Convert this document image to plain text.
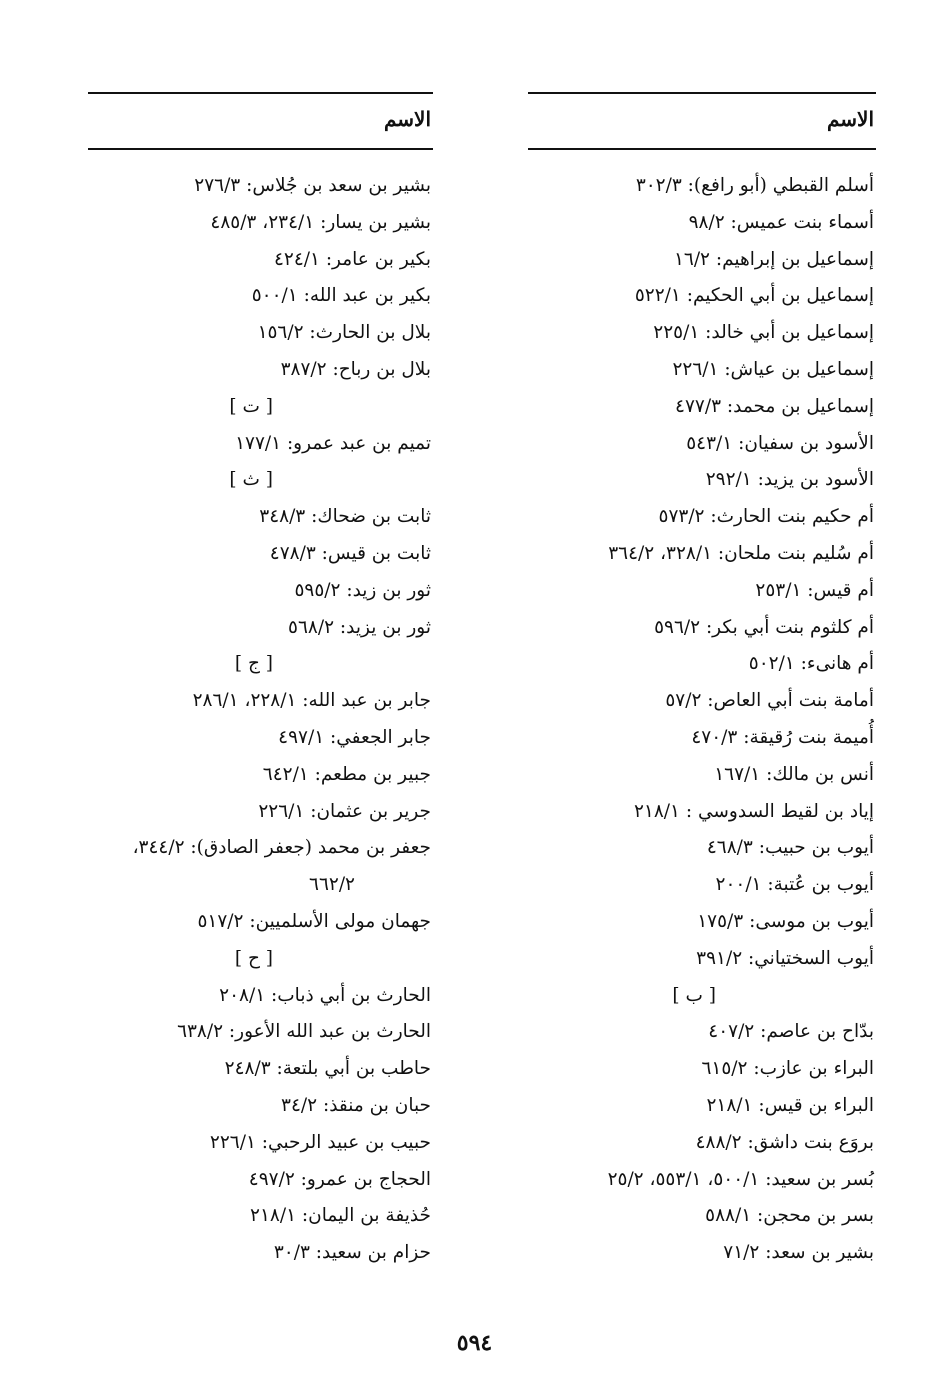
الاسم
أسلم القبطي (أبو رافع): ٣٠٢/٣
أسماء بنت عميس: ٩٨/٢
إسماعيل بن إبراهيم: ١٦/٢
إسماعيل بن أبي الحكيم: ٥٢٢/١
إسماعيل بن أبي خالد: ٢٢٥/١
إسماعيل بن عياش: ٢٢٦/١
إسماعيل بن محمد: ٤٧٧/٣
الأسود بن سفيان: ٥٤٣/١
الأسود بن يزيد: ٢٩٢/١
أم حكيم بنت الحارث: ٥٧٣/٢
أم سُليم بنت ملحان: ٣٢٨/١، ٣٦٤/٢
أم قيس: ٢٥٣/١
أم كلثوم بنت أبي بكر: ٥٩٦/٢
أم هانىء: ٥٠٢/١
أمامة بنت أبي العاص: ٥٧/٢
أُميمة بنت رُقيقة: ٤٧٠/٣
أنس بن مالك: ١٦٧/١
إياد بن لقيط السدوسي : ٢١٨/١
أيوب بن حبيب: ٤٦٨/٣
أيوب بن عُتبة: ٢٠٠/١
أيوب بن موسى: ١٧٥/٣
أيوب السختياني: ٣٩١/٢
[ ب ]
بدّاح بن عاصم: ٤٠٧/٢
البراء بن عازب: ٦١٥/٢
البراء بن قيس: ٢١٨/١
بروَع بنت داشق: ٤٨٨/٢
بُسر بن سعيد: ٥٠٠/١، ٥٥٣/١، ٢٥/٢
بسر بن محجن: ٥٨٨/١
بشير بن سعد: ٧١/٢
الاسم
بشير بن سعد بن جُلاس: ٢٧٦/٣
بشير بن يسار: ٢٣٤/١، ٤٨٥/٣
بكير بن عامر: ٤٢٤/١
بكير بن عبد الله: ٥٠٠/١
بلال بن الحارث: ١٥٦/٢
بلال بن رباح: ٣٨٧/٢
[ ت ]
تميم بن عبد عمرو: ١٧٧/١
[ ث ]
ثابت بن ضحاك: ٣٤٨/٣
ثابت بن قيس: ٤٧٨/٣
ثور بن زيد: ٥٩٥/٢
ثور بن يزيد: ٥٦٨/٢
[ ج ]
جابر بن عبد الله: ٢٢٨/١، ٢٨٦/١
جابر الجعفي: ٤٩٧/١
جبير بن مطعم: ٦٤٢/١
جرير بن عثمان: ٢٢٦/١
جعفر بن محمد (جعفر الصادق): ٣٤٤/٢،
٦٦٢/٢
جهمان مولى الأسلميين: ٥١٧/٢
[ ح ]
الحارث بن أبي ذباب: ٢٠٨/١
الحارث بن عبد الله الأعور: ٦٣٨/٢
حاطب بن أبي بلتعة: ٢٤٨/٣
حبان بن منقذ: ٣٤/٢
حبيب بن عبيد الرحبي: ٢٢٦/١
الحجاج بن عمرو: ٤٩٧/٢
حُذيفة بن اليمان: ٢١٨/١
حزام بن سعيد: ٣٠/٣
٥٩٤
